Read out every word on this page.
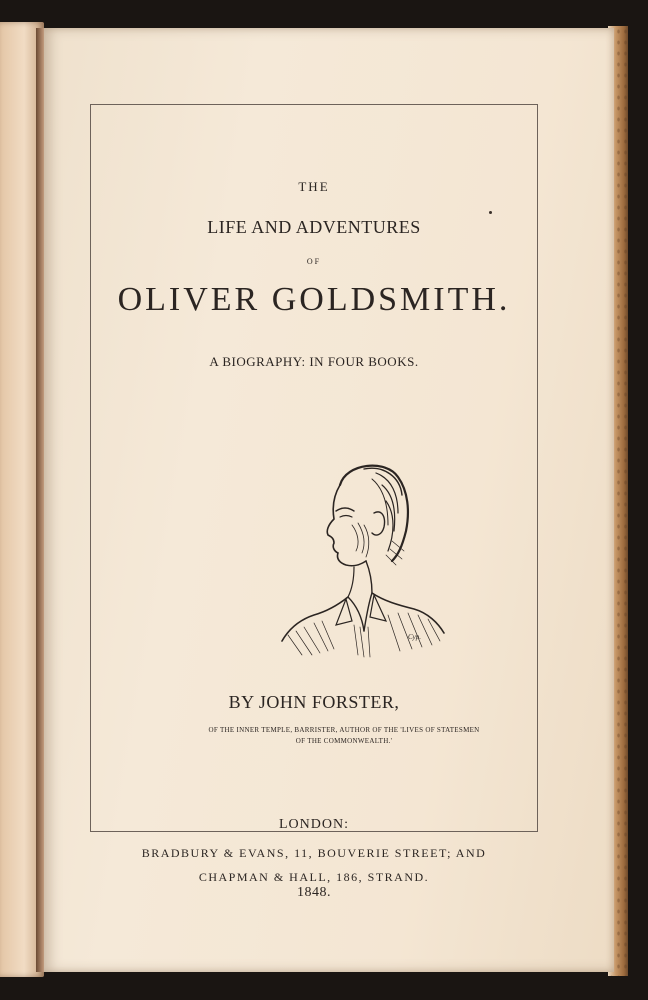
THE
LIFE AND ADVENTURES
OF
OLIVER GOLDSMITH.
A BIOGRAPHY: IN FOUR BOOKS.
Cyp.
BY JOHN FORSTER,
OF THE INNER TEMPLE, BARRISTER, AUTHOR OF THE 'LIVES OF STATESMEN
OF THE COMMONWEALTH.'
LONDON:
BRADBURY & EVANS, 11, BOUVERIE STREET; AND
CHAPMAN & HALL, 186, STRAND.
1848.
